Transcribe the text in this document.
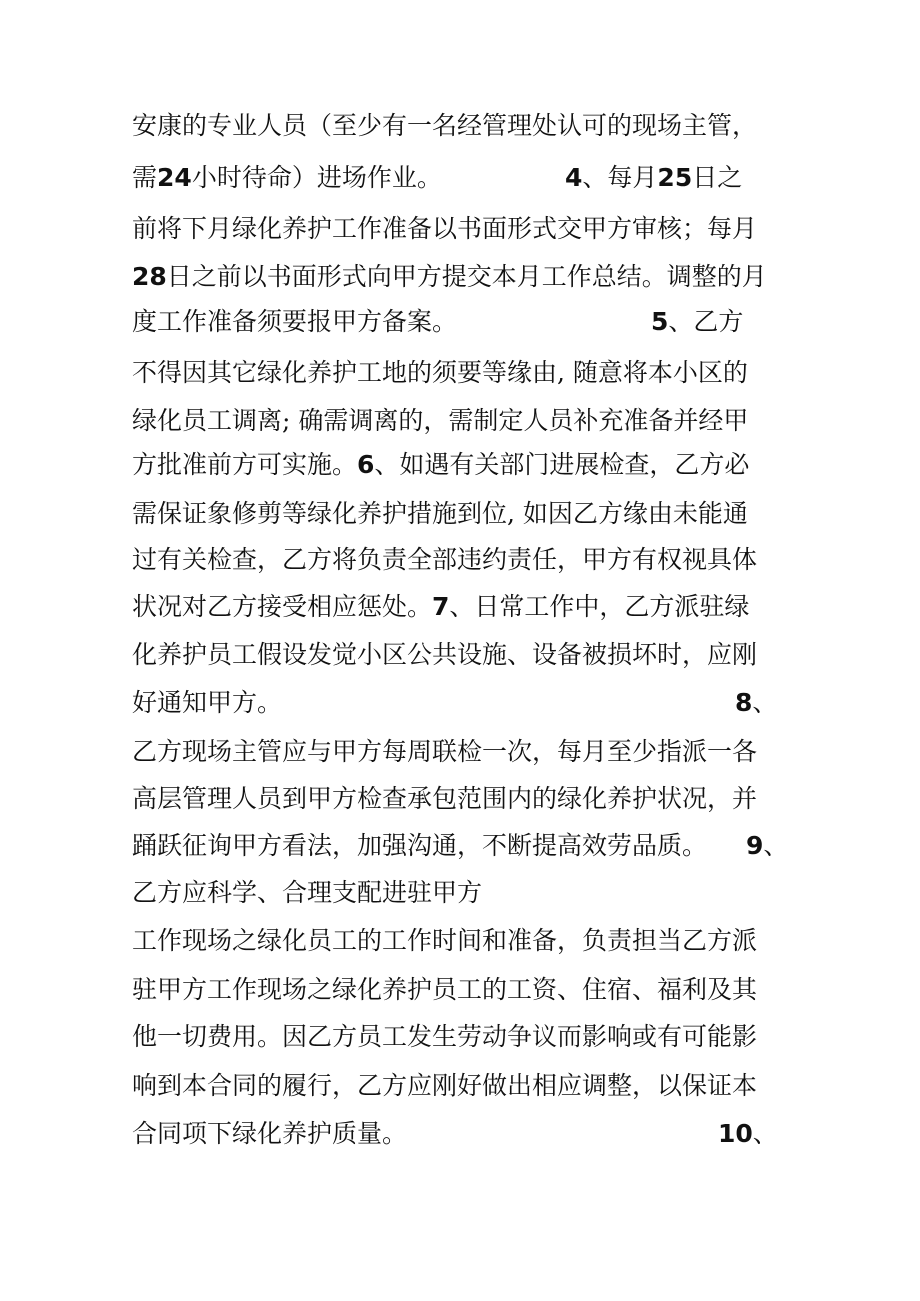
安康的专业人员（至少有一名经管理处认可的现场主管，
需24小时待命）进场作业。	4、每月25日之
前将下月绿化养护工作准备以书面形式交甲方审核；每月
28日之前以书面形式向甲方提交本月工作总结。调整的月
度工作准备须要报甲方备案。	5、乙方
不得因其它绿化养护工地的须要等缘由, 随意将本小区的
绿化员工调离; 确需调离的，需制定人员补充准备并经甲
方批准前方可实施。6、如遇有关部门进展检查，乙方必
需保证象修剪等绿化养护措施到位, 如因乙方缘由未能通
过有关检查，乙方将负责全部违约责任，甲方有权视具体
状况对乙方接受相应惩处。7、日常工作中，乙方派驻绿
化养护员工假设发觉小区公共设施、设备被损坏时，应刚
好通知甲方。	8、
乙方现场主管应与甲方每周联检一次，每月至少指派一各
高层管理人员到甲方检查承包范围内的绿化养护状况，并
踊跃征询甲方看法，加强沟通，不断提高效劳品质。 9、
乙方应科学、合理支配进驻甲方
工作现场之绿化员工的工作时间和准备，负责担当乙方派
驻甲方工作现场之绿化养护员工的工资、住宿、福利及其
他一切费用。因乙方员工发生劳动争议而影响或有可能影
响到本合同的履行，乙方应刚好做出相应调整，以保证本
合同项下绿化养护质量。	10、
